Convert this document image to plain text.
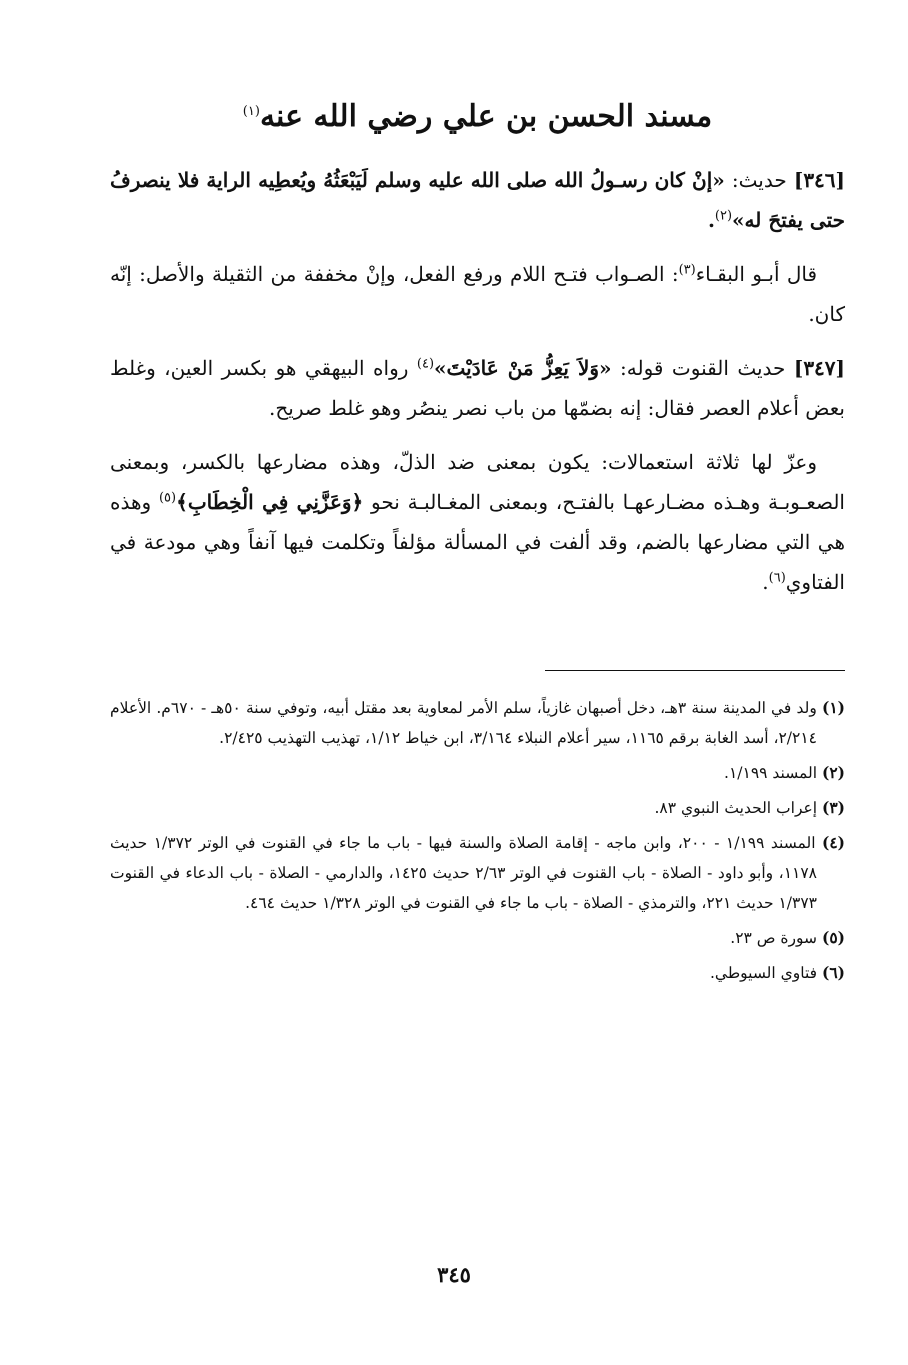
مسند الحسن بن علي رضي الله عنه$^{(١)}$

[٣٤٦] حديث: «إنْ كان رسـولُ الله صلى الله عليه وسلم لَيَبْعَثُهُ ويُعطِيه الراية فلا ينصرفُ حتى يفتحَ له»$^{(٢)}$.

قال أبـو البقـاء$^{(٣)}$: الصـواب فتـح اللام ورفع الفعل، وإنْ مخففة من الثقيلة والأصل: إنّه كان.

[٣٤٧] حديث القنوت قوله: «وَلاَ يَعِزُّ مَنْ عَادَيْتَ»$^{(٤)}$ رواه البيهقي هو بكسر العين، وغلط بعض أعلام العصر فقال: إنه بضمّها من باب نصر ينصُر وهو غلط صريح.

وعزّ لها ثلاثة استعمالات: يكون بمعنى ضد الذلّ، وهذه مضارعها بالكسر، وبمعنى الصعـوبـة وهـذه مضـارعهـا بالفتـح، وبمعنى المغـالبـة نحو ﴿وَعَزَّنِي فِي الْخِطَابِ﴾$^{(٥)}$ وهذه هي التي مضارعها بالضم، وقد ألفت في المسألة مؤلفاً وتكلمت فيها آنفاً وهي مودعة في الفتاوي$^{(٦)}$.

(١) ولد في المدينة سنة ٣هـ، دخل أصبهان غازياً، سلم الأمر لمعاوية بعد مقتل أبيه، وتوفي سنة ٥٠هـ - ٦٧٠م. الأعلام ٢/٢١٤، أسد الغابة برقم ١١٦٥، سير أعلام النبلاء ٣/١٦٤، ابن خياط ١/١٢، تهذيب التهذيب ٢/٤٢٥.

(٢) المسند ١/١٩٩.

(٣) إعراب الحديث النبوي ٨٣.

(٤) المسند ١/١٩٩ - ٢٠٠، وابن ماجه - إقامة الصلاة والسنة فيها - باب ما جاء في القنوت في الوتر ١/٣٧٢ حديث ١١٧٨، وأبو داود - الصلاة - باب القنوت في الوتر ٢/٦٣ حديث ١٤٢٥، والدارمي - الصلاة - باب الدعاء في القنوت ١/٣٧٣ حديث ٢٢١، والترمذي - الصلاة - باب ما جاء في القنوت في الوتر ١/٣٢٨ حديث ٤٦٤.

(٥) سورة ص ٢٣.

(٦) فتاوي السيوطي.

٣٤٥
